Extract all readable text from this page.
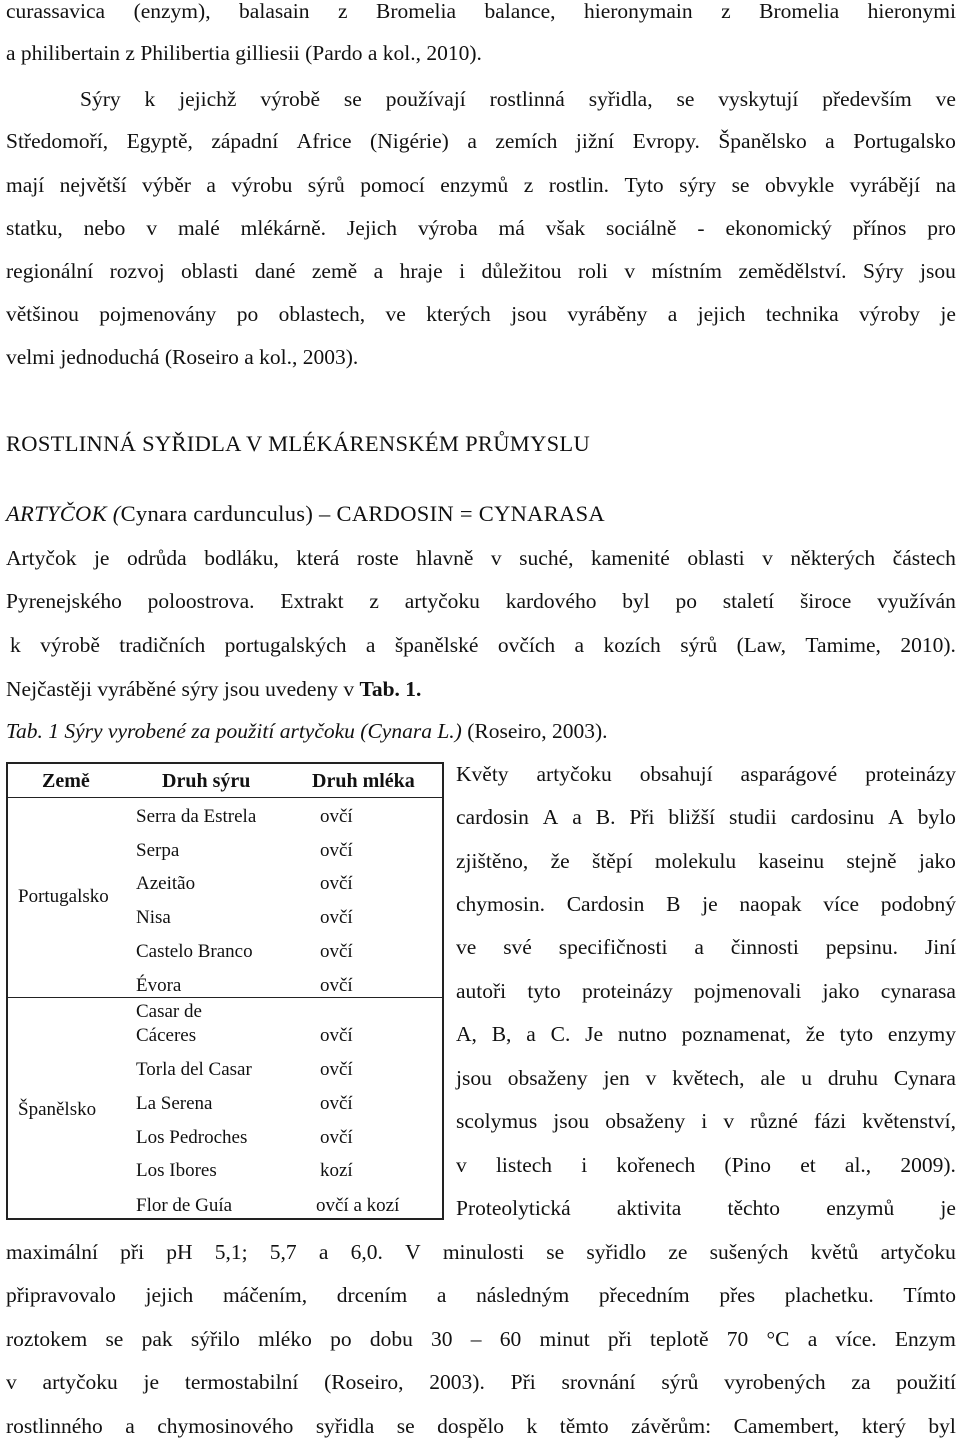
curassavica (enzym), balasain z Bromelia balance, hieronymain z Bromelia hieronymi
a philibertain z Philibertia gilliesii (Pardo a kol., 2010).
Sýry k jejichž výrobě se používají rostlinná syřidla, se vyskytují především ve
Středomoří, Egyptě, západní Africe (Nigérie) a zemích jižní Evropy. Španělsko a Portugalsko
mají největší výběr a výrobu sýrů pomocí enzymů z rostlin. Tyto sýry se obvykle vyrábějí na
statku, nebo v malé mlékárně. Jejich výroba má však sociálně - ekonomický přínos pro
regionální rozvoj oblasti dané země a hraje i důležitou roli v místním zemědělství. Sýry jsou
většinou pojmenovány po oblastech, ve kterých jsou vyráběny a jejich technika výroby je
velmi jednoduchá (Roseiro a kol., 2003).
ROSTLINNÁ SYŘIDLA V MLÉKÁRENSKÉM PRŮMYSLU
ARTYČOK (Cynara cardunculus) – CARDOSIN = CYNARASA
Artyčok je odrůda bodláku, která roste hlavně v suché, kamenité oblasti v některých částech
Pyrenejského poloostrova. Extrakt z artyčoku kardového byl po staletí široce využíván
k výrobě tradičních portugalských a španělské ovčích a kozích sýrů (Law, Tamime, 2010).
Nejčastěji vyráběné sýry jsou uvedeny v Tab. 1.
Tab. 1 Sýry vyrobené za použití artyčoku (Cynara L.) (Roseiro, 2003).
Země	Druh sýru	Druh mléka
Portugalsko
Serra da Estrela	ovčí
Serpa	ovčí
Azeitão	ovčí
Nisa	ovčí
Castelo Branco	ovčí
Évora	ovčí
Španělsko
Casar de
Cáceres	ovčí
Torla del Casar	ovčí
La Serena	ovčí
Los Pedroches	ovčí
Los Ibores	kozí
Flor de Guía	ovčí a kozí
Květy artyčoku obsahují asparágové proteinázy
cardosin A a B. Při bližší studii cardosinu A bylo
zjištěno, že štěpí molekulu kaseinu stejně jako
chymosin. Cardosin B je naopak více podobný
ve své specifičnosti a činnosti pepsinu. Jiní
autoři tyto proteinázy pojmenovali jako cynarasa
A, B, a C. Je nutno poznamenat, že tyto enzymy
jsou obsaženy jen v květech, ale u druhu Cynara
scolymus jsou obsaženy i v různé fázi květenství,
v listech i kořenech (Pino et al., 2009).
Proteolytická aktivita těchto enzymů je
maximální při pH 5,1; 5,7 a 6,0. V minulosti se syřidlo ze sušených květů artyčoku
připravovalo jejich máčením, drcením a následným přecedním přes plachetku. Tímto
roztokem se pak sýřilo mléko po dobu 30 – 60 minut při teplotě 70 °C a více. Enzym
v artyčoku je termostabilní (Roseiro, 2003). Při srovnání sýrů vyrobených za použití
rostlinného a chymosinového syřidla se dospělo k těmto závěrům: Camembert, který byl
